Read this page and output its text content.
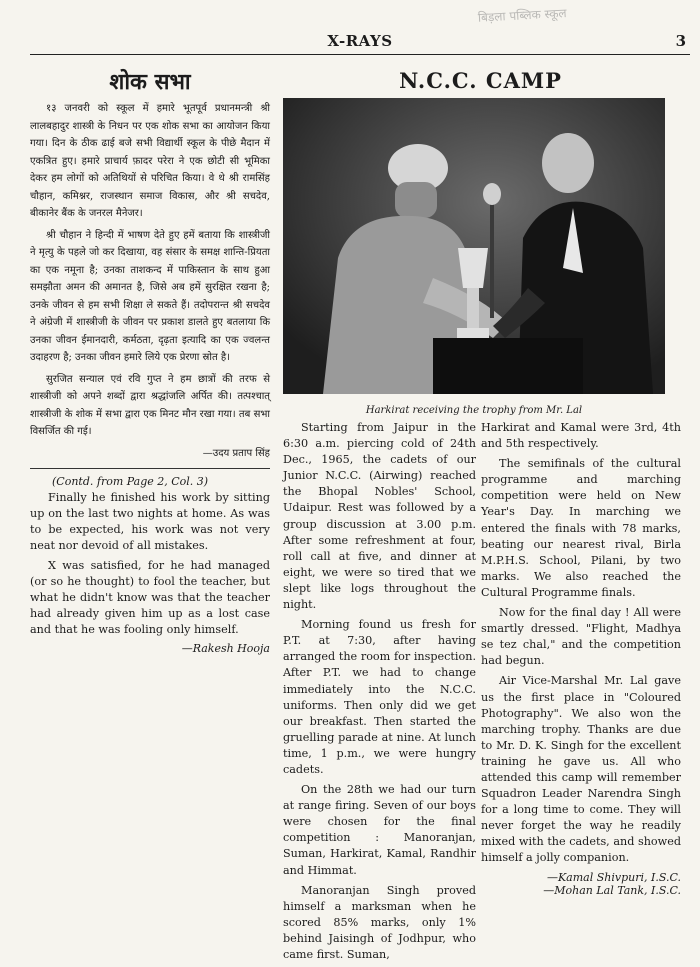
बिड़ला पब्लिक स्कूल
X-RAYS	3
शोक सभा

१३ जनवरी को स्कूल में हमारे भूतपूर्व प्रधानमन्त्री श्री लालबहादुर शास्त्री के निधन पर एक शोक सभा का आयोजन किया गया। दिन के ठीक ढाई बजे सभी विद्यार्थी स्कूल के पीछे मैदान में एकत्रित हुए। हमारे प्राचार्य फ़ादर परेरा ने एक छोटी सी भूमिका देकर हम लोगों को अतिथियों से परिचित किया। वे थे श्री रामसिंह चौहान, कमिश्नर, राजस्थान समाज विकास, और श्री सचदेव, बीकानेर बैंक के जनरल मैनेजर।

श्री चौहान ने हिन्दी में भाषण देते हुए हमें बताया कि शास्त्रीजी ने मृत्यु के पहले जो कर दिखाया, वह संसार के समक्ष शान्ति-प्रियता का एक नमूना है; उनका ताशकन्द में पाकिस्तान के साथ हुआ समझौता अमन की अमानत है, जिसे अब हमें सुरक्षित रखना है; उनके जीवन से हम सभी शिक्षा ले सकते हैं। तदोपरान्त श्री सचदेव ने अंग्रेजी में शास्त्रीजी के जीवन पर प्रकाश डालते हुए बतलाया कि उनका जीवन ईमानदारी, कर्मठता, दृढ़ता इत्यादि का एक ज्वलन्त उदाहरण है; उनका जीवन हमारे लिये एक प्रेरणा स्रोत है।

सुरजित सन्याल एवं रवि गुप्त ने हम छात्रों की तरफ से शास्त्रीजी को अपने शब्दों द्वारा श्रद्धांजलि अर्पित की। तत्पश्चात् शास्त्रीजी के शोक में सभा द्वारा एक मिनट मौन रखा गया। तब सभा विसर्जित की गई।

—उदय प्रताप सिंह

(Contd. from Page 2, Col. 3)

Finally he finished his work by sitting up on the last two nights at home. As was to be expected, his work was not very neat nor devoid of all mistakes.

X was satisfied, for he had managed (or so he thought) to fool the teacher, but what he didn't know was that the teacher had already given him up as a lost case and that he was fooling only himself.

—Rakesh Hooja

N.C.C. CAMP
Harkirat receiving the trophy from Mr. Lal

Starting from Jaipur in the 6:30 a.m. piercing cold of 24th Dec., 1965, the cadets of our Junior N.C.C. (Airwing) reached the Bhopal Nobles' School, Udaipur. Rest was followed by a group discussion at 3.00 p.m. After some refreshment at four, roll call at five, and dinner at eight, we were so tired that we slept like logs throughout the night.

Morning found us fresh for P.T. at 7:30, after having arranged the room for inspection. After P.T. we had to change immediately into the N.C.C. uniforms. Then only did we get our breakfast. Then started the gruelling parade at nine. At lunch time, 1 p.m., we were hungry cadets.

On the 28th we had our turn at range firing. Seven of our boys were chosen for the final competition : Manoranjan, Suman, Harkirat, Kamal, Randhir and Himmat.

Manoranjan Singh proved himself a marksman when he scored 85% marks, only 1% behind Jaisingh of Jodhpur, who came first. Suman,

Harkirat and Kamal were 3rd, 4th and 5th respectively.

The semifinals of the cultural programme and marching competition were held on New Year's Day. In marching we entered the finals with 78 marks, beating our nearest rival, Birla M.P.H.S. School, Pilani, by two marks. We also reached the Cultural Programme finals.

Now for the final day ! All were smartly dressed. "Flight, Madhya se tez chal," and the competition had begun.

Air Vice-Marshal Mr. Lal gave us the first place in "Coloured Photography". We also won the marching trophy. Thanks are due to Mr. D. K. Singh for the excellent training he gave us. All who attended this camp will remember Squadron Leader Narendra Singh for a long time to come. They will never forget the way he readily mixed with the cadets, and showed himself a jolly companion.

—Kamal Shivpuri, I.S.C.

—Mohan Lal Tank, I.S.C.
